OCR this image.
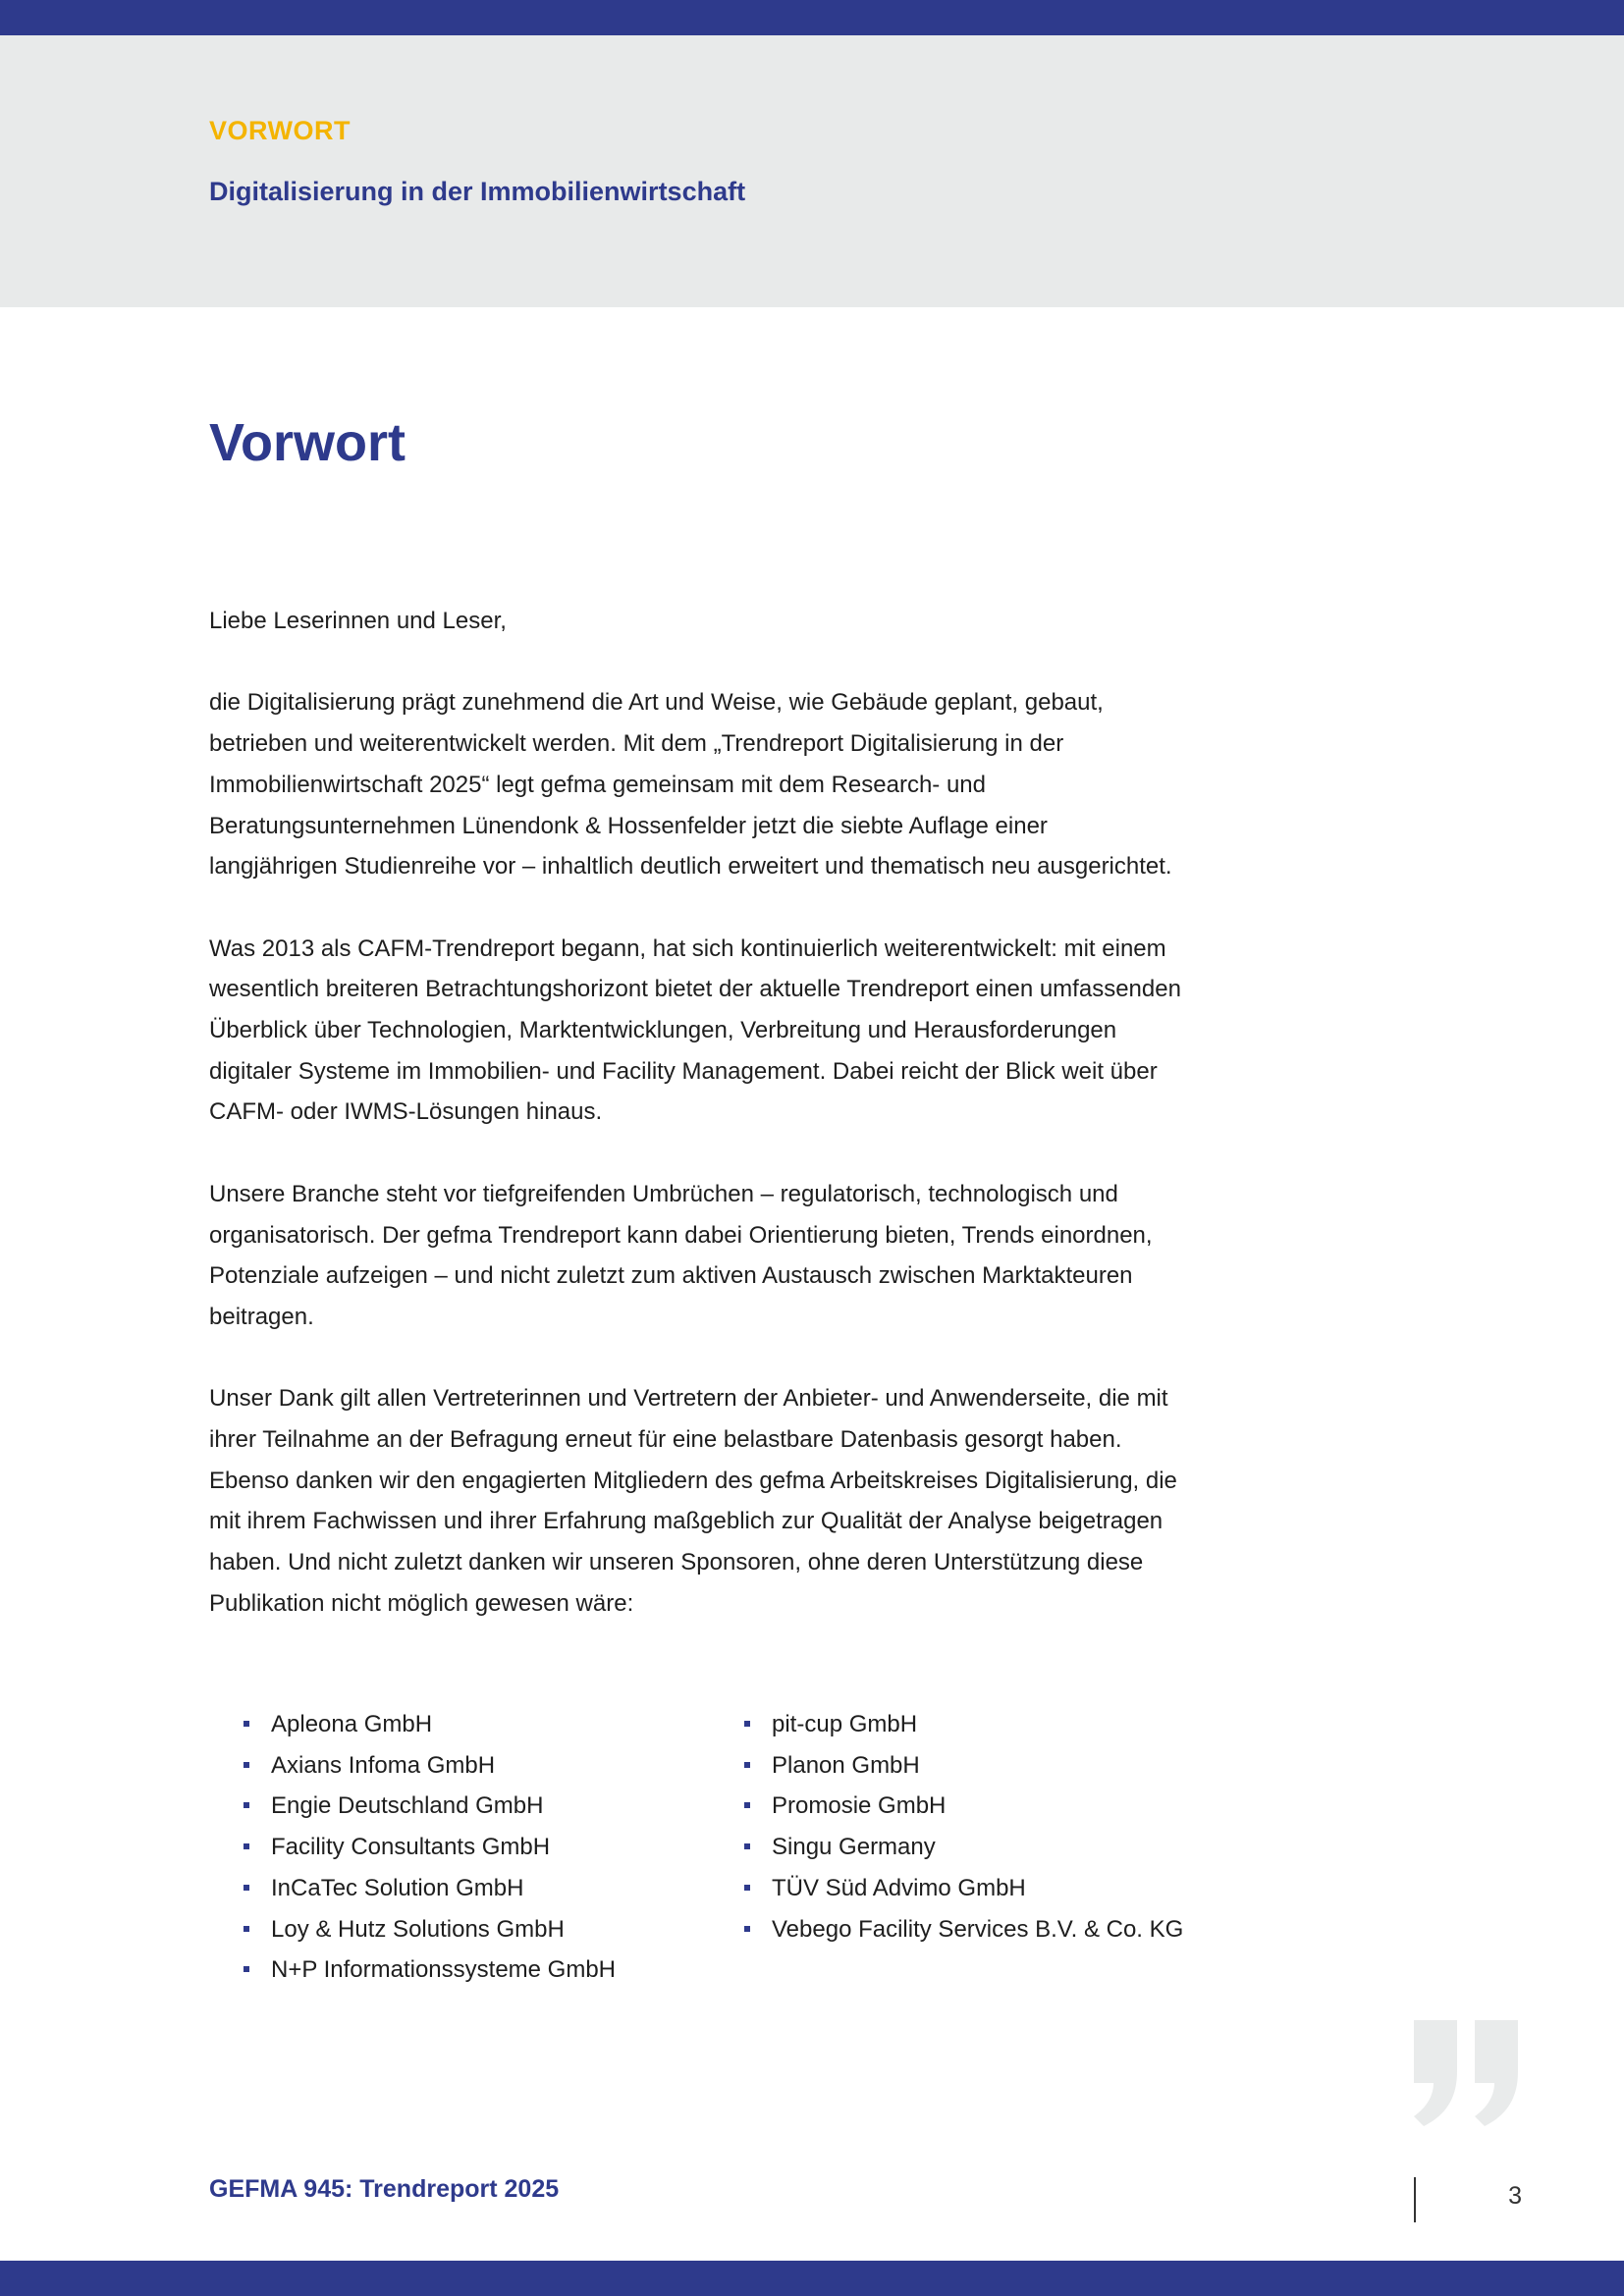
VORWORT
Digitalisierung in der Immobilienwirtschaft
Vorwort

Liebe Leserinnen und Leser,

die Digitalisierung prägt zunehmend die Art und Weise, wie Gebäude geplant, gebaut, betrieben und weiterentwickelt werden. Mit dem „Trendreport Digitalisierung in der Immobilienwirtschaft 2025“ legt gefma gemeinsam mit dem Research- und Beratungsunternehmen Lünendonk & Hossenfelder jetzt die siebte Auflage einer langjährigen Studienreihe vor – inhaltlich deutlich erweitert und thematisch neu ausgerichtet.

Was 2013 als CAFM-Trendreport begann, hat sich kontinuierlich weiterentwickelt: mit einem wesentlich breiteren Betrachtungshorizont bietet der aktuelle Trendreport einen umfassenden Überblick über Technologien, Marktentwicklungen, Verbreitung und Herausforderungen digitaler Systeme im Immobilien- und Facility Management. Dabei reicht der Blick weit über CAFM- oder IWMS-Lösungen hinaus.

Unsere Branche steht vor tiefgreifenden Umbrüchen – regulatorisch, technologisch und organisatorisch. Der gefma Trendreport kann dabei Orientierung bieten, Trends einordnen, Potenziale aufzeigen – und nicht zuletzt zum aktiven Austausch zwischen Marktakteuren beitragen.

Unser Dank gilt allen Vertreterinnen und Vertretern der Anbieter- und Anwenderseite, die mit ihrer Teilnahme an der Befragung erneut für eine belastbare Datenbasis gesorgt haben. Ebenso danken wir den engagierten Mitgliedern des gefma Arbeitskreises Digitalisierung, die mit ihrem Fachwissen und ihrer Erfahrung maßgeblich zur Qualität der Analyse beigetragen haben. Und nicht zuletzt danken wir unseren Sponsoren, ohne deren Unterstützung diese Publikation nicht möglich gewesen wäre:

Apleona GmbH
Axians Infoma GmbH
Engie Deutschland GmbH
Facility Consultants GmbH
InCaTec Solution GmbH
Loy & Hutz Solutions GmbH
N+P Informationssysteme GmbH
pit-cup GmbH
Planon GmbH
Promosie GmbH
Singu Germany
TÜV Süd Advimo GmbH
Vebego Facility Services B.V. & Co. KG
GEFMA 945: Trendreport 2025	3
